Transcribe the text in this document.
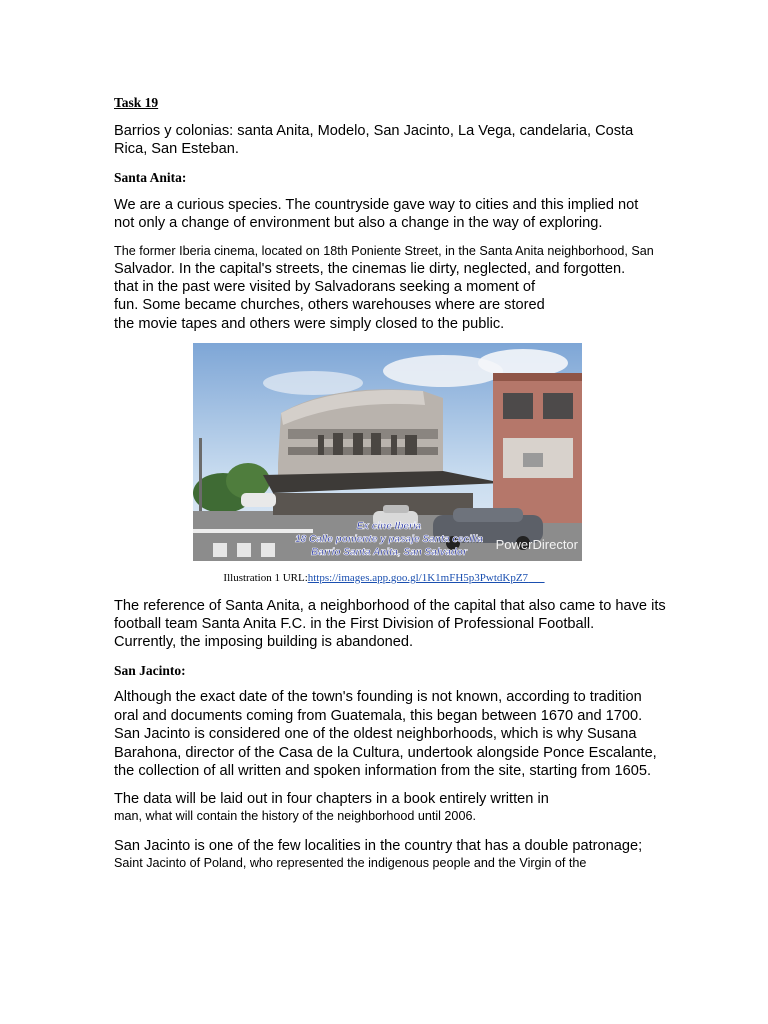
Task 19
Barrios y colonias: santa Anita, Modelo, San Jacinto, La Vega, candelaria, Costa
Rica, San Esteban.
Santa Anita:
We are a curious species. The countryside gave way to cities and this implied not
not only a change of environment but also a change in the way of exploring.
The former Iberia cinema, located on 18th Poniente Street, in the Santa Anita neighborhood, San
Salvador. In the capital's streets, the cinemas lie dirty, neglected, and forgotten.
that in the past were visited by Salvadorans seeking a moment of
fun. Some became churches, others warehouses where are stored
the movie tapes and others were simply closed to the public.
Ex cine Iberia
18 Calle poniente y pasaje Santa cecilia
Barrio Santa Anita, San Salvador
PowerDirector
Illustration 1 URL:https://images.app.goo.gl/1K1mFH5p3PwtdKpZ7
The reference of Santa Anita, a neighborhood of the capital that also came to have its
football team Santa Anita F.C. in the First Division of Professional Football.
Currently, the imposing building is abandoned.
San Jacinto:
Although the exact date of the town's founding is not known, according to tradition
oral and documents coming from Guatemala, this began between 1670 and 1700.
San Jacinto is considered one of the oldest neighborhoods, which is why Susana
Barahona, director of the Casa de la Cultura, undertook alongside Ponce Escalante,
the collection of all written and spoken information from the site, starting from 1605.
The data will be laid out in four chapters in a book entirely written in
man, what will contain the history of the neighborhood until 2006.
San Jacinto is one of the few localities in the country that has a double patronage;
Saint Jacinto of Poland, who represented the indigenous people and the Virgin of the
